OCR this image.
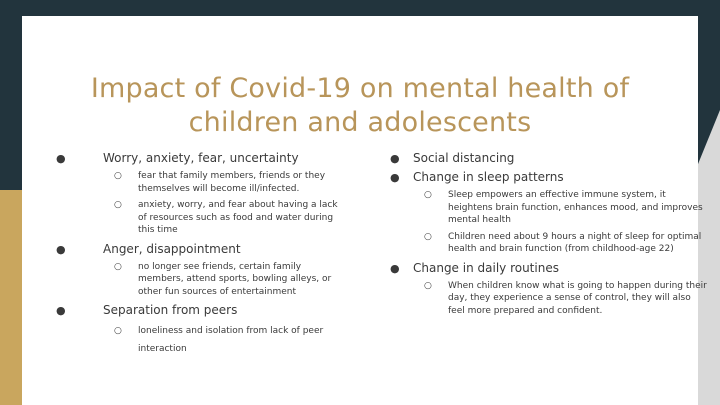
Impact of Covid-19 on mental health of
children and adolescents
●	Worry, anxiety, fear, uncertainty
○ fear that family members, friends or they themselves will become ill/infected.
○ anxiety, worry, and fear about having a lack of resources such as food and water during this time
●	Anger, disappointment
○ no longer see friends, certain family members, attend sports, bowling alleys, or other fun sources of entertainment
●	Separation from peers
○ loneliness and isolation from lack of peer interaction
● Social distancing
● Change in sleep patterns
○ Sleep empowers an effective immune system, it heightens brain function, enhances mood, and improves mental health
○ Children need about 9 hours a night of sleep for optimal health and brain function (from childhood-age 22)
● Change in daily routines
○ When children know what is going to happen during their day, they experience a sense of control, they will also feel more prepared and confident.
